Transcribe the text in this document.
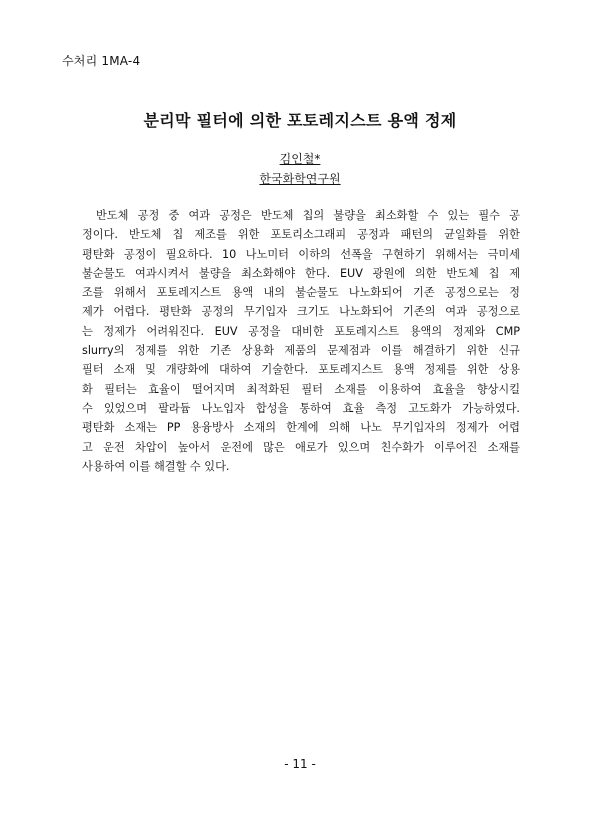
수처리 1MA-4
분리막 필터에 의한 포토레지스트 용액 정제
김인철*
한국화학연구원
반도체 공정 중 여과 공정은 반도체 칩의 불량을 최소화할 수 있는 필수 공
정이다. 반도체 칩 제조를 위한 포토리소그래피 공정과 패턴의 균일화를 위한
평탄화 공정이 필요하다. 10 나노미터 이하의 선폭을 구현하기 위해서는 극미세
불순물도 여과시켜서 불량을 최소화해야 한다. EUV 광원에 의한 반도체 칩 제
조를 위해서 포토레지스트 용액 내의 불순물도 나노화되어 기존 공정으로는 정
제가 어렵다. 평탄화 공정의 무기입자 크기도 나노화되어 기존의 여과 공정으로
는 정제가 어려워진다. EUV 공정을 대비한 포토레지스트 용액의 정제와 CMP
slurry의 정제를 위한 기존 상용화 제품의 문제점과 이를 해결하기 위한 신규
필터 소재 및 개량화에 대하여 기술한다. 포토레지스트 용액 정제를 위한 상용
화 필터는 효율이 떨어지며 최적화된 필터 소재를 이용하여 효율을 향상시킬
수 있었으며 팔라듐 나노입자 합성을 통하여 효율 측정 고도화가 가능하였다.
평탄화 소재는 PP 용융방사 소재의 한계에 의해 나노 무기입자의 정제가 어렵
고 운전 차압이 높아서 운전에 많은 애로가 있으며 친수화가 이루어진 소재를
사용하여 이를 해결할 수 있다.
- 11 -
